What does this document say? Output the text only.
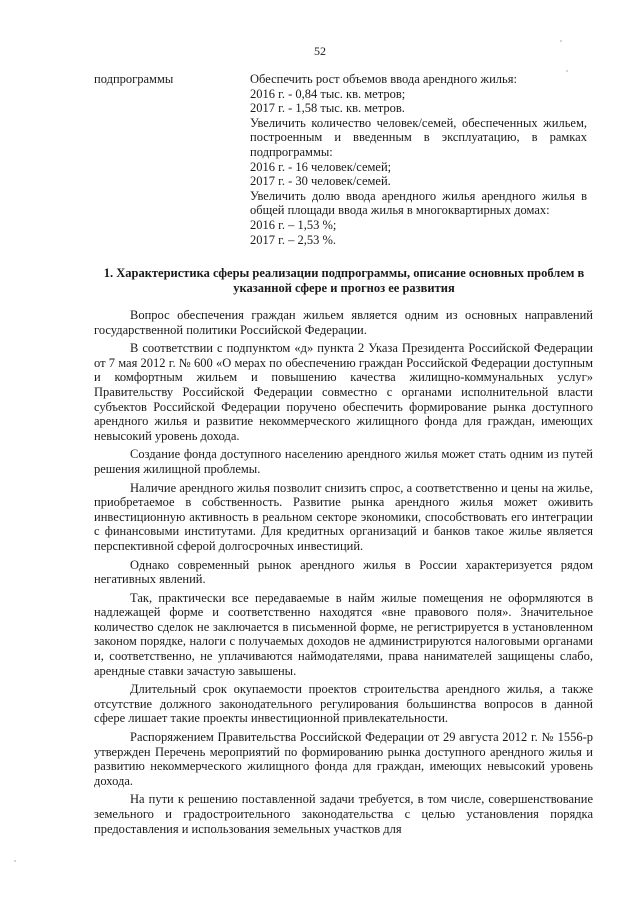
52
подпрограммы	Обеспечить рост объемов ввода арендного жилья:

2016 г. - 0,84 тыс. кв. метров;

2017 г. - 1,58 тыс. кв. метров.

Увеличить количество человек/семей, обеспеченных жильем, построенным и введенным в эксплуатацию, в рамках подпрограммы:

2016 г. - 16 человек/семей;

2017 г. - 30 человек/семей.

Увеличить долю ввода арендного жилья арендного жилья в общей площади ввода жилья в многоквартирных домах:

2016 г. – 1,53 %;

2017 г. – 2,53 %.

1. Характеристика сферы реализации подпрограммы, описание основных проблем в указанной сфере и прогноз ее развития

Вопрос обеспечения граждан жильем является одним из основных направлений государственной политики Российской Федерации.

В соответствии с подпунктом «д» пункта 2 Указа Президента Российской Федерации от 7 мая 2012 г. № 600 «О мерах по обеспечению граждан Российской Федерации доступным и комфортным жильем и повышению качества жилищно-коммунальных услуг» Правительству Российской Федерации совместно с органами исполнительной власти субъектов Российской Федерации поручено обеспечить формирование рынка доступного арендного жилья и развитие некоммерческого жилищного фонда для граждан, имеющих невысокий уровень дохода.

Создание фонда доступного населению арендного жилья может стать одним из путей решения жилищной проблемы.

Наличие арендного жилья позволит снизить спрос, а соответственно и цены на жилье, приобретаемое в собственность. Развитие рынка арендного жилья может оживить инвестиционную активность в реальном секторе экономики, способствовать его интеграции с финансовыми институтами. Для кредитных организаций и банков такое жилье является перспективной сферой долгосрочных инвестиций.

Однако современный рынок арендного жилья в России характеризуется рядом негативных явлений.

Так, практически все передаваемые в найм жилые помещения не оформляются в надлежащей форме и соответственно находятся «вне правового поля». Значительное количество сделок не заключается в письменной форме, не регистрируется в установленном законом порядке, налоги с получаемых доходов не администрируются налоговыми органами и, соответственно, не уплачиваются наймодателями, права нанимателей защищены слабо, арендные ставки зачастую завышены.

Длительный срок окупаемости проектов строительства арендного жилья, а также отсутствие должного законодательного регулирования большинства вопросов в данной сфере лишает такие проекты инвестиционной привлекательности.

Распоряжением Правительства Российской Федерации от 29 августа 2012 г. № 1556-р утвержден Перечень мероприятий по формированию рынка доступного арендного жилья и развитию некоммерческого жилищного фонда для граждан, имеющих невысокий уровень дохода.

На пути к решению поставленной задачи требуется, в том числе, совершенствование земельного и градостроительного законодательства с целью установления порядка предоставления и использования земельных участков для
